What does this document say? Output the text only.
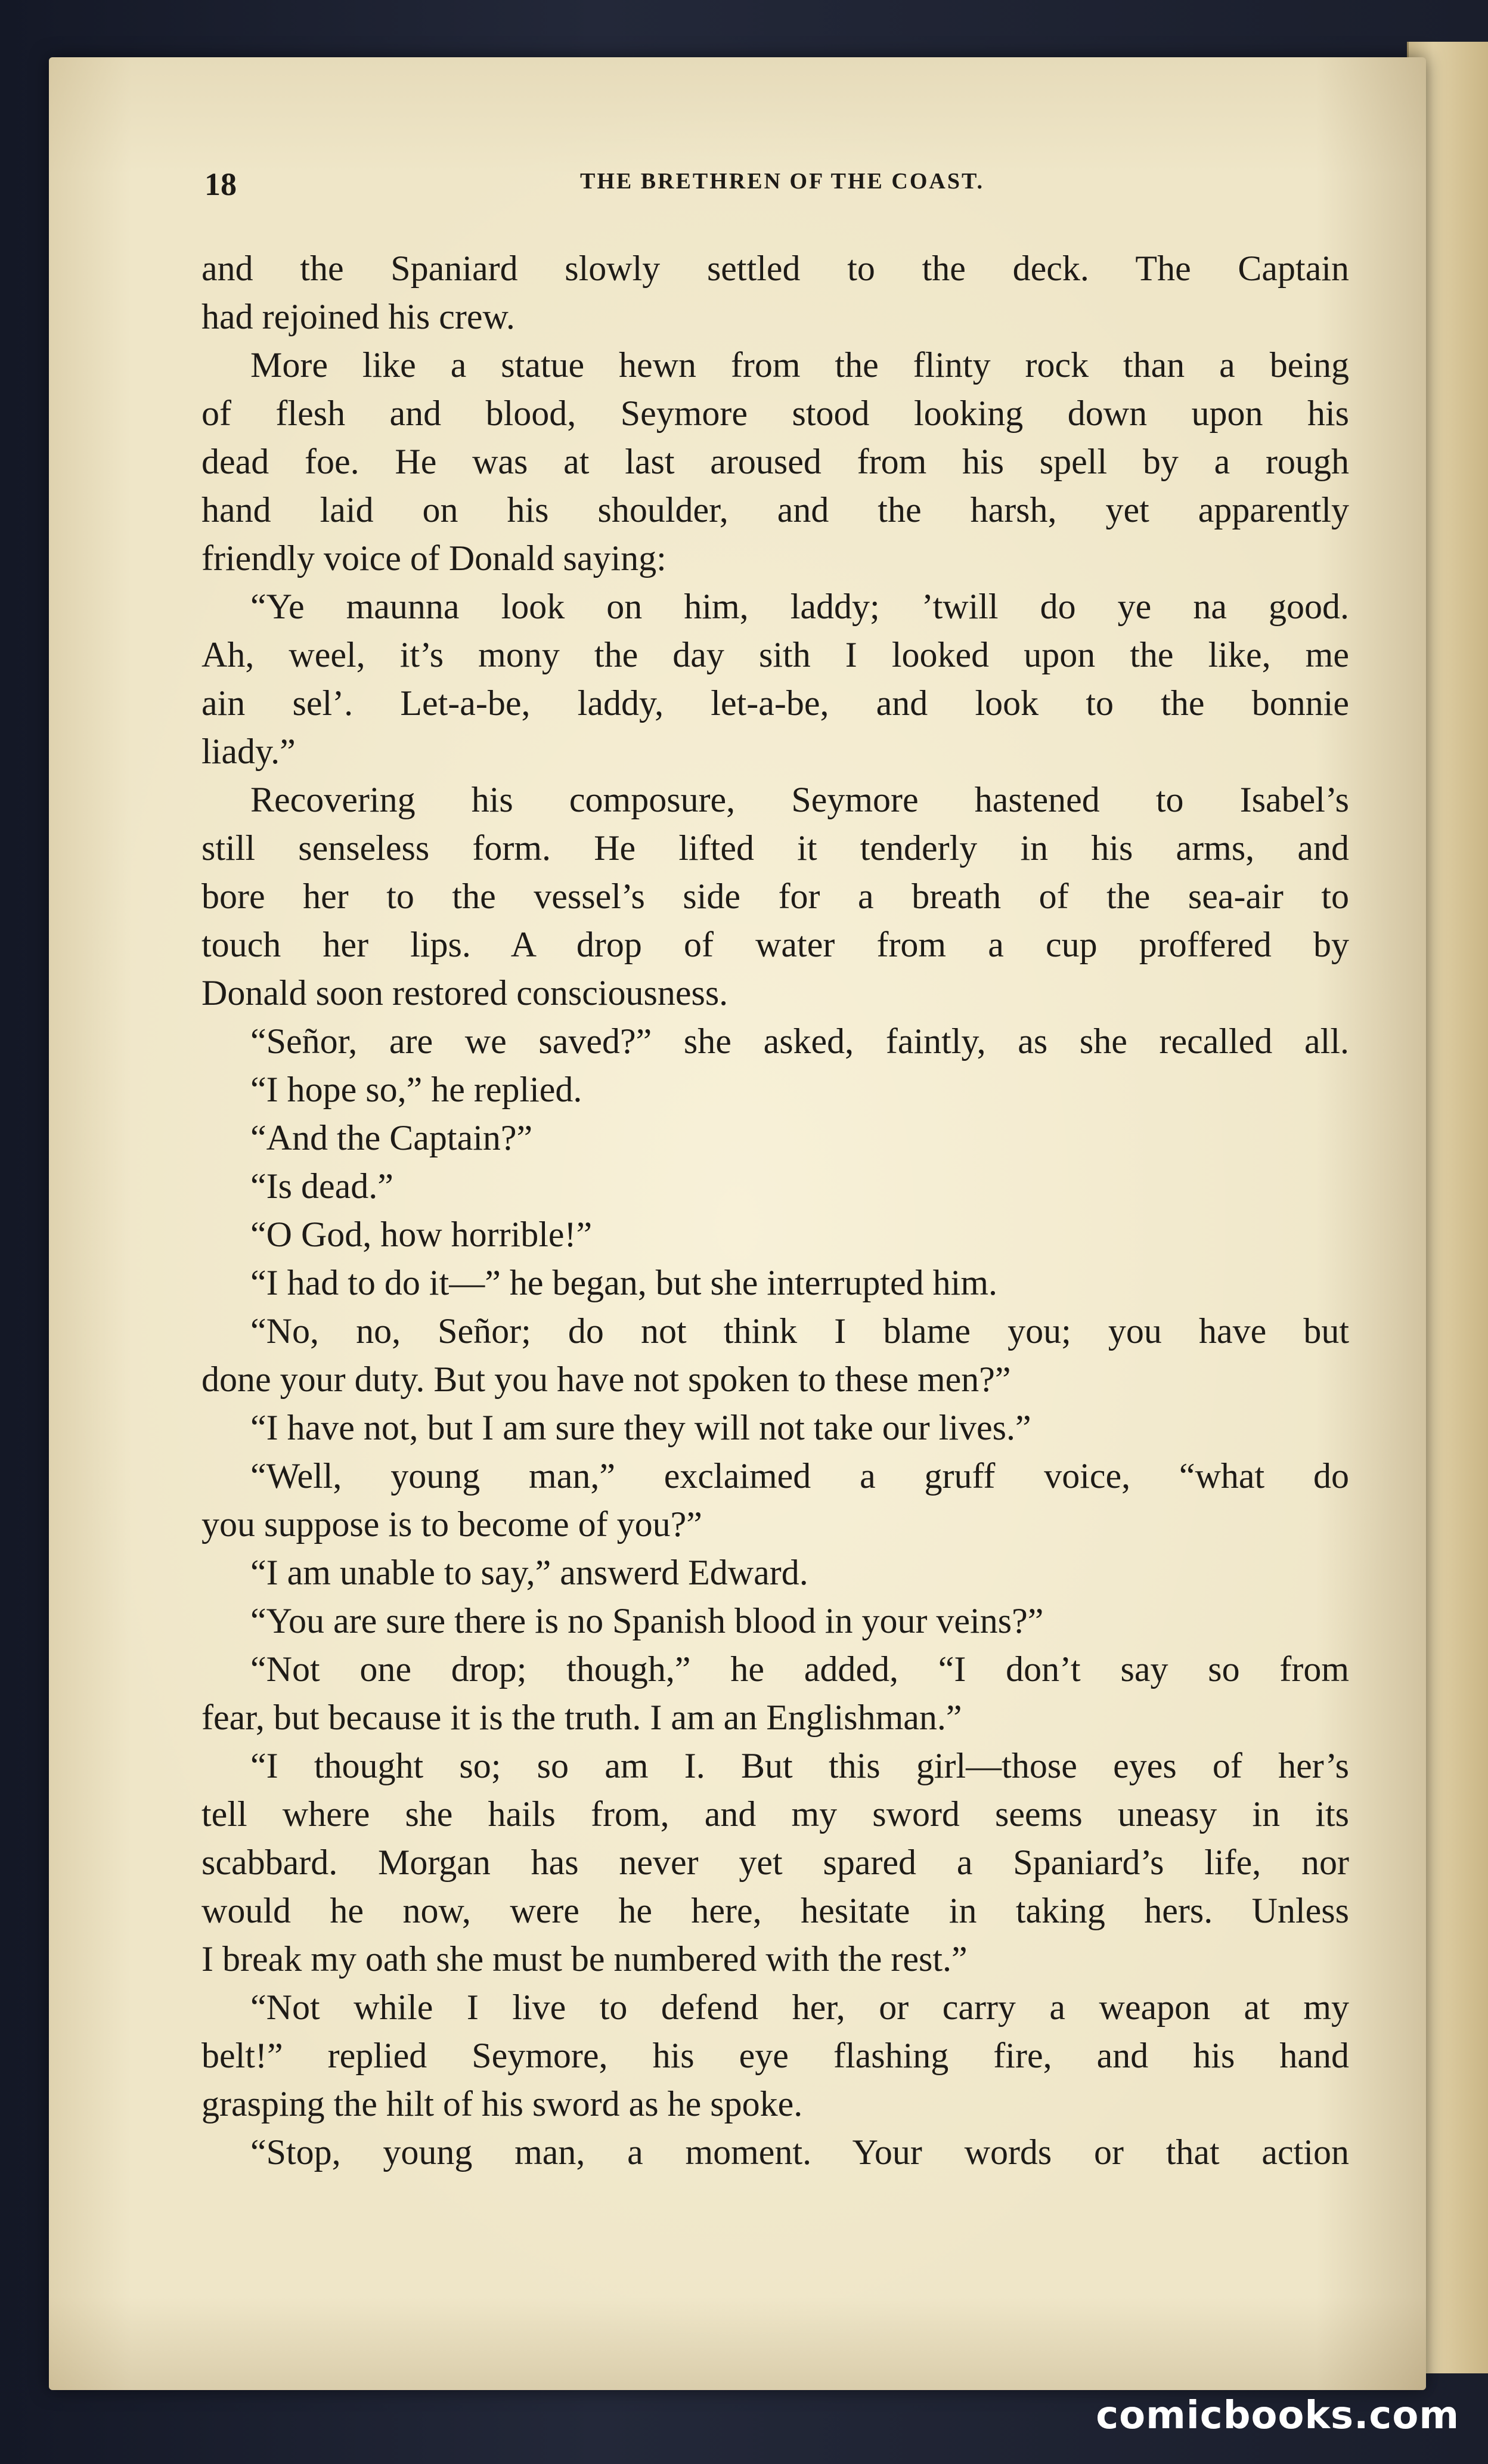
18	THE BRETHREN OF THE COAST.
and the Spaniard slowly settled to the deck. The Captain
had rejoined his crew.
More like a statue hewn from the flinty rock than a being
of flesh and blood, Seymore stood looking down upon his
dead foe. He was at last aroused from his spell by a rough
hand laid on his shoulder, and the harsh, yet apparently
friendly voice of Donald saying:
“Ye maunna look on him, laddy; ’twill do ye na good.
Ah, weel, it’s mony the day sith I looked upon the like, me
ain sel’. Let-a-be, laddy, let-a-be, and look to the bonnie
liady.”
Recovering his composure, Seymore hastened to Isabel’s
still senseless form. He lifted it tenderly in his arms, and
bore her to the vessel’s side for a breath of the sea-air to
touch her lips. A drop of water from a cup proffered by
Donald soon restored consciousness.
“Señor, are we saved?” she asked, faintly, as she recalled all.
“I hope so,” he replied.
“And the Captain?”
“Is dead.”
“O God, how horrible!”
“I had to do it—” he began, but she interrupted him.
“No, no, Señor; do not think I blame you; you have but
done your duty. But you have not spoken to these men?”
“I have not, but I am sure they will not take our lives.”
“Well, young man,” exclaimed a gruff voice, “what do
you suppose is to become of you?”
“I am unable to say,” answerd Edward.
“You are sure there is no Spanish blood in your veins?”
“Not one drop; though,” he added, “I don’t say so from
fear, but because it is the truth. I am an Englishman.”
“I thought so; so am I. But this girl—those eyes of her’s
tell where she hails from, and my sword seems uneasy in its
scabbard. Morgan has never yet spared a Spaniard’s life, nor
would he now, were he here, hesitate in taking hers. Unless
I break my oath she must be numbered with the rest.”
“Not while I live to defend her, or carry a weapon at my
belt!” replied Seymore, his eye flashing fire, and his hand
grasping the hilt of his sword as he spoke.
“Stop, young man, a moment. Your words or that action
comicbooks.com
